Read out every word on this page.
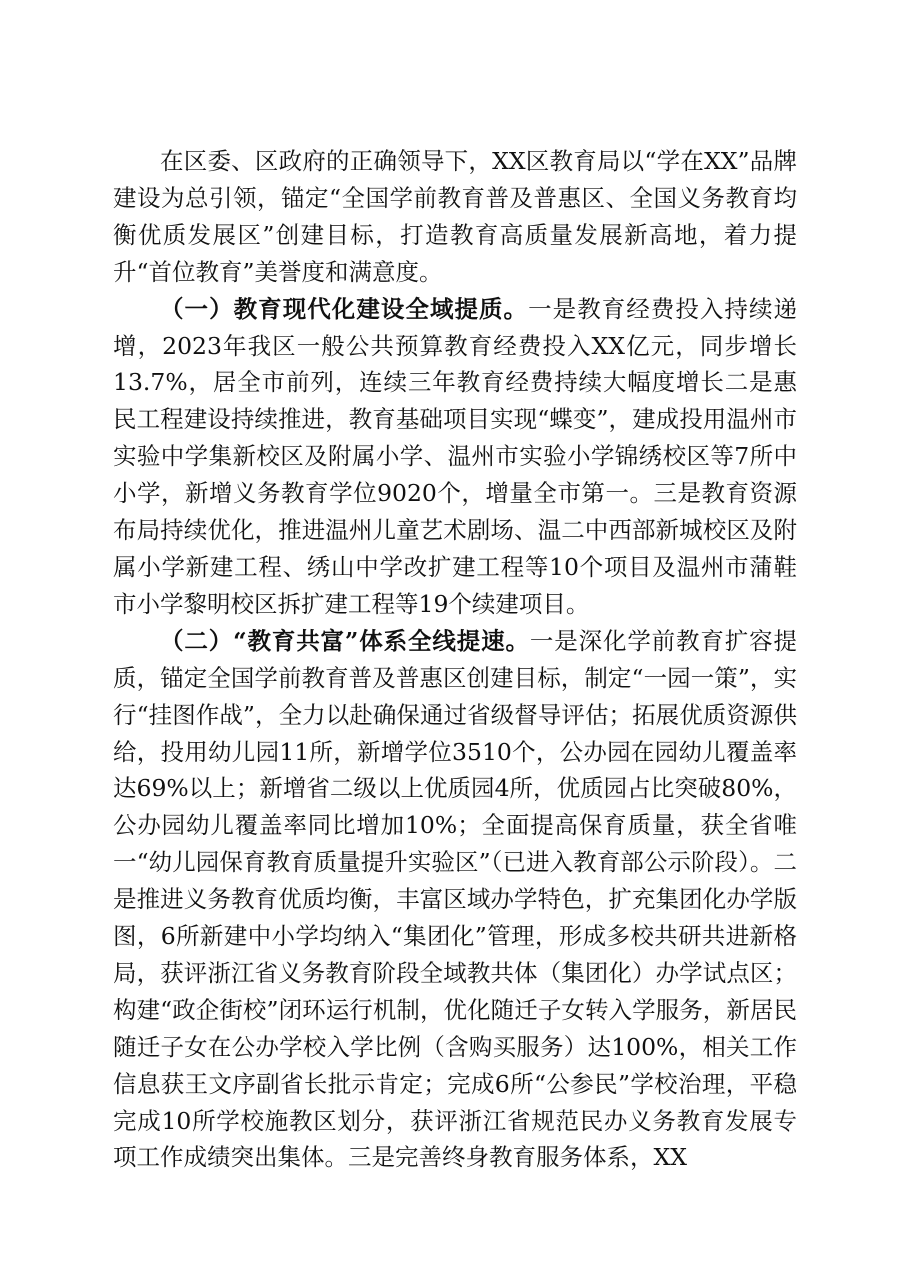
在区委、区政府的正确领导下，XX区教育局以“学在XX”品牌建设为总引领，锚定“全国学前教育普及普惠区、全国义务教育均衡优质发展区”创建目标，打造教育高质量发展新高地，着力提升“首位教育”美誉度和满意度。

（一）教育现代化建设全域提质。一是教育经费投入持续递增，2023年我区一般公共预算教育经费投入XX亿元，同步增长13.7%，居全市前列，连续三年教育经费持续大幅度增长二是惠民工程建设持续推进，教育基础项目实现“蝶变”，建成投用温州市实验中学集新校区及附属小学、温州市实验小学锦绣校区等7所中小学，新增义务教育学位9020个，增量全市第一。三是教育资源布局持续优化，推进温州儿童艺术剧场、温二中西部新城校区及附属小学新建工程、绣山中学改扩建工程等10个项目及温州市蒲鞋市小学黎明校区拆扩建工程等19个续建项目。

（二）“教育共富”体系全线提速。一是深化学前教育扩容提质，锚定全国学前教育普及普惠区创建目标，制定“一园一策”，实行“挂图作战”，全力以赴确保通过省级督导评估；拓展优质资源供给，投用幼儿园11所，新增学位3510个，公办园在园幼儿覆盖率达69%以上；新增省二级以上优质园4所，优质园占比突破80%，公办园幼儿覆盖率同比增加10%；全面提高保育质量，获全省唯一“幼儿园保育教育质量提升实验区”（已进入教育部公示阶段）。二是推进义务教育优质均衡，丰富区域办学特色，扩充集团化办学版图，6所新建中小学均纳入“集团化”管理，形成多校共研共进新格局，获评浙江省义务教育阶段全域教共体（集团化）办学试点区；构建“政企街校”闭环运行机制，优化随迁子女转入学服务，新居民随迁子女在公办学校入学比例（含购买服务）达100%，相关工作信息获王文序副省长批示肯定；完成6所“公参民”学校治理，平稳完成10所学校施教区划分，获评浙江省规范民办义务教育发展专项工作成绩突出集体。三是完善终身教育服务体系，XX
